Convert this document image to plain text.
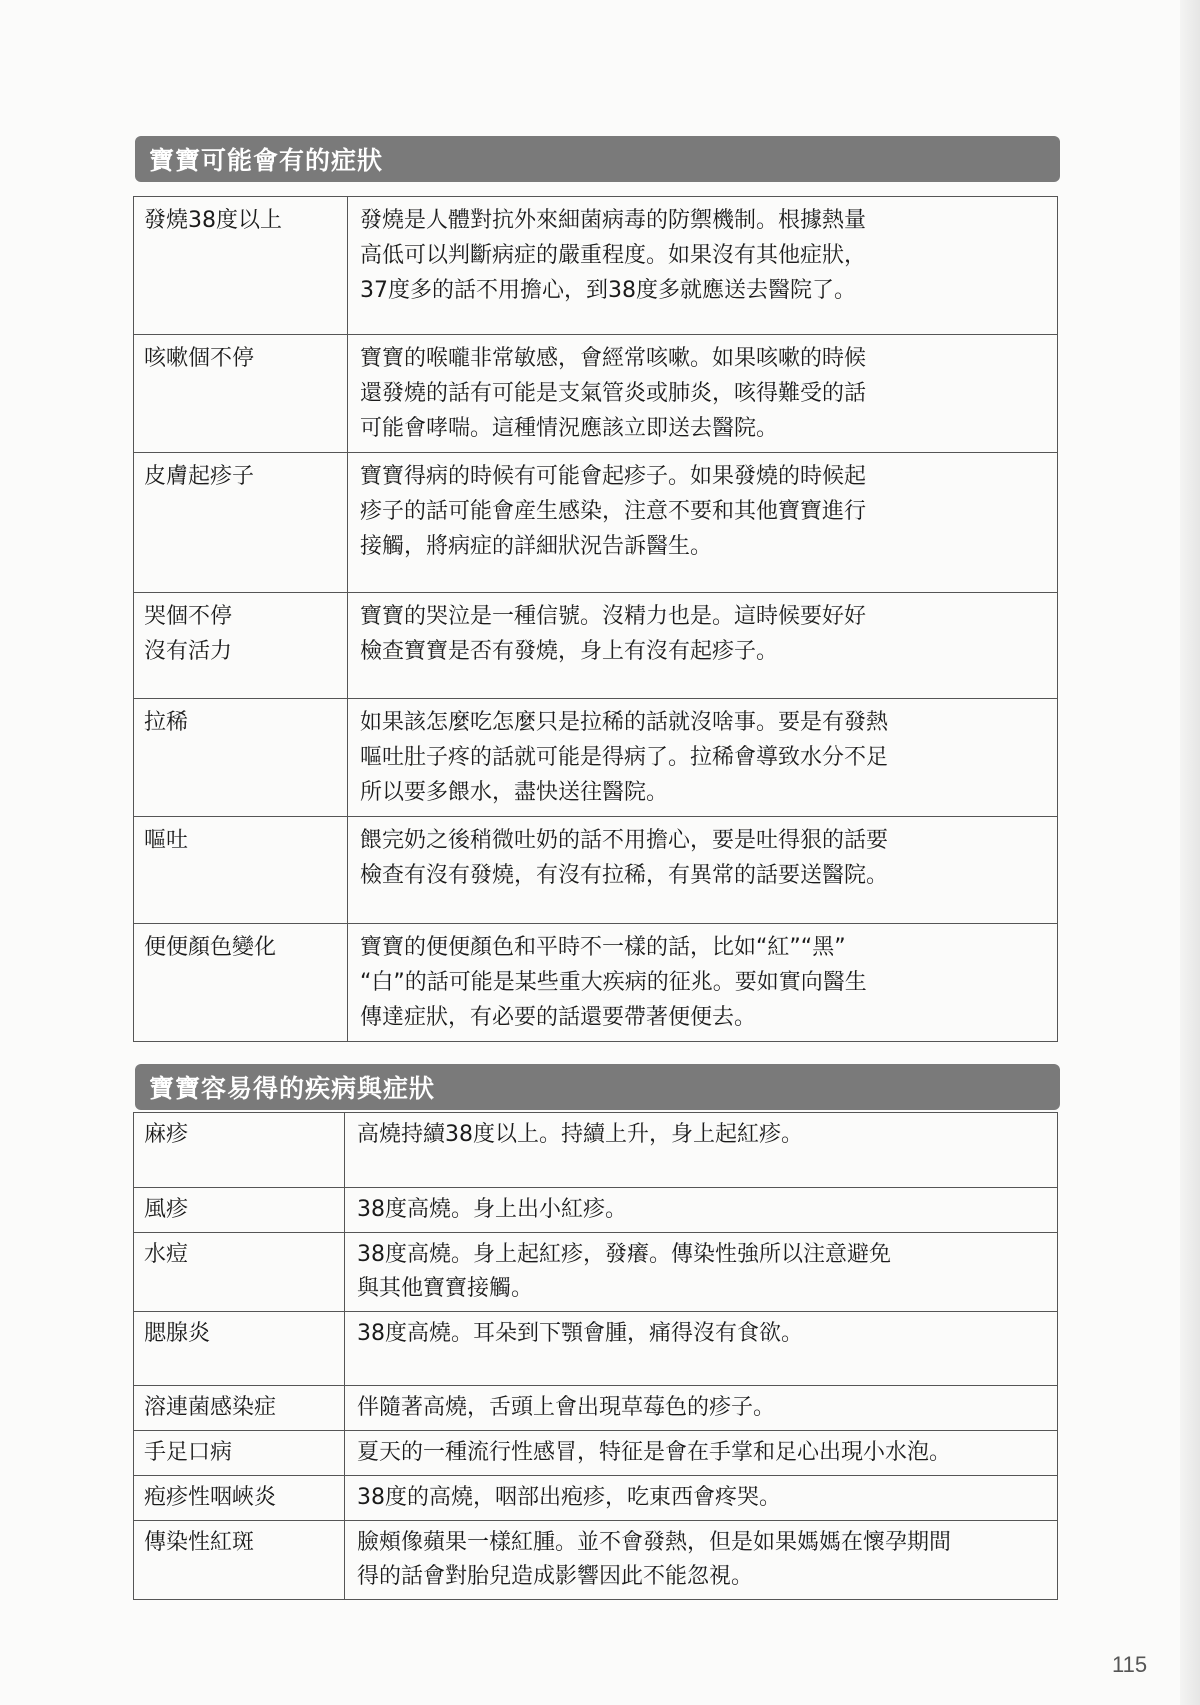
寶寶可能會有的症狀
發燒38度以上	發燒是人體對抗外來細菌病毒的防禦機制。根據熱量
高低可以判斷病症的嚴重程度。如果沒有其他症狀，
37度多的話不用擔心，到38度多就應送去醫院了。
咳嗽個不停	寶寶的喉嚨非常敏感，會經常咳嗽。如果咳嗽的時候
還發燒的話有可能是支氣管炎或肺炎，咳得難受的話
可能會哮喘。這種情況應該立即送去醫院。
皮膚起疹子	寶寶得病的時候有可能會起疹子。如果發燒的時候起
疹子的話可能會産生感染，注意不要和其他寶寶進行
接觸，將病症的詳細狀況告訴醫生。
哭個不停
沒有活力	寶寶的哭泣是一種信號。沒精力也是。這時候要好好
檢查寶寶是否有發燒，身上有沒有起疹子。
拉稀	如果該怎麼吃怎麼只是拉稀的話就沒啥事。要是有發熱
嘔吐肚子疼的話就可能是得病了。拉稀會導致水分不足
所以要多餵水，盡快送往醫院。
嘔吐	餵完奶之後稍微吐奶的話不用擔心，要是吐得狠的話要
檢查有沒有發燒，有沒有拉稀，有異常的話要送醫院。
便便顏色變化	寶寶的便便顏色和平時不一樣的話，比如“紅”“黑”
“白”的話可能是某些重大疾病的征兆。要如實向醫生
傳達症狀，有必要的話還要帶著便便去。
寶寶容易得的疾病與症狀
麻疹	高燒持續38度以上。持續上升，身上起紅疹。
風疹	38度高燒。身上出小紅疹。
水痘	38度高燒。身上起紅疹，發癢。傳染性強所以注意避免
與其他寶寶接觸。
腮腺炎	38度高燒。耳朵到下顎會腫，痛得沒有食欲。
溶連菌感染症	伴隨著高燒，舌頭上會出現草莓色的疹子。
手足口病	夏天的一種流行性感冒，特征是會在手掌和足心出現小水泡。
疱疹性咽峽炎	38度的高燒，咽部出疱疹，吃東西會疼哭。
傳染性紅斑	臉頰像蘋果一樣紅腫。並不會發熱，但是如果媽媽在懷孕期間
得的話會對胎兒造成影響因此不能忽視。
115
